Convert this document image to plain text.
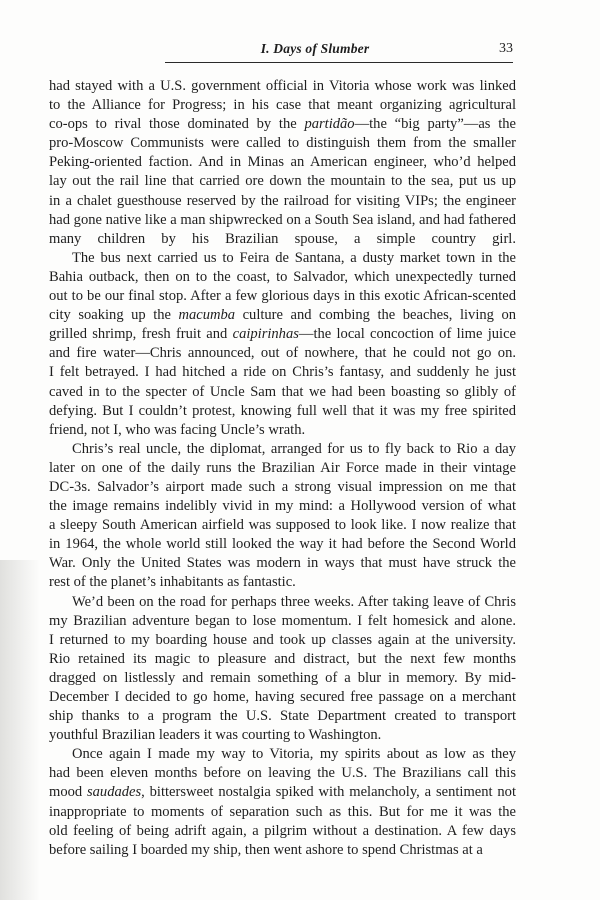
I. Days of Slumber	33
had stayed with a U.S. government official in Vitoria whose work was linked
to the Alliance for Progress; in his case that meant organizing agricultural
co-ops to rival those dominated by the partidão—the “big party”—as the
pro-Moscow Communists were called to distinguish them from the smaller
Peking-oriented faction. And in Minas an American engineer, who’d helped
lay out the rail line that carried ore down the mountain to the sea, put us up
in a chalet guesthouse reserved by the railroad for visiting VIPs; the engineer
had gone native like a man shipwrecked on a South Sea island, and had fathered
many children by his Brazilian spouse, a simple country girl.
The bus next carried us to Feira de Santana, a dusty market town in the
Bahia outback, then on to the coast, to Salvador, which unexpectedly turned
out to be our final stop. After a few glorious days in this exotic African-scented
city soaking up the macumba culture and combing the beaches, living on
grilled shrimp, fresh fruit and caipirinhas—the local concoction of lime juice
and fire water—Chris announced, out of nowhere, that he could not go on.
I felt betrayed. I had hitched a ride on Chris’s fantasy, and suddenly he just
caved in to the specter of Uncle Sam that we had been boasting so glibly of
defying. But I couldn’t protest, knowing full well that it was my free spirited
friend, not I, who was facing Uncle’s wrath.
Chris’s real uncle, the diplomat, arranged for us to fly back to Rio a day
later on one of the daily runs the Brazilian Air Force made in their vintage
DC-3s. Salvador’s airport made such a strong visual impression on me that
the image remains indelibly vivid in my mind: a Hollywood version of what
a sleepy South American airfield was supposed to look like. I now realize that
in 1964, the whole world still looked the way it had before the Second World
War. Only the United States was modern in ways that must have struck the
rest of the planet’s inhabitants as fantastic.
We’d been on the road for perhaps three weeks. After taking leave of Chris
my Brazilian adventure began to lose momentum. I felt homesick and alone.
I returned to my boarding house and took up classes again at the university.
Rio retained its magic to pleasure and distract, but the next few months
dragged on listlessly and remain something of a blur in memory. By mid-
December I decided to go home, having secured free passage on a merchant
ship thanks to a program the U.S. State Department created to transport
youthful Brazilian leaders it was courting to Washington.
Once again I made my way to Vitoria, my spirits about as low as they
had been eleven months before on leaving the U.S. The Brazilians call this
mood saudades, bittersweet nostalgia spiked with melancholy, a sentiment not
inappropriate to moments of separation such as this. But for me it was the
old feeling of being adrift again, a pilgrim without a destination. A few days
before sailing I boarded my ship, then went ashore to spend Christmas at a
